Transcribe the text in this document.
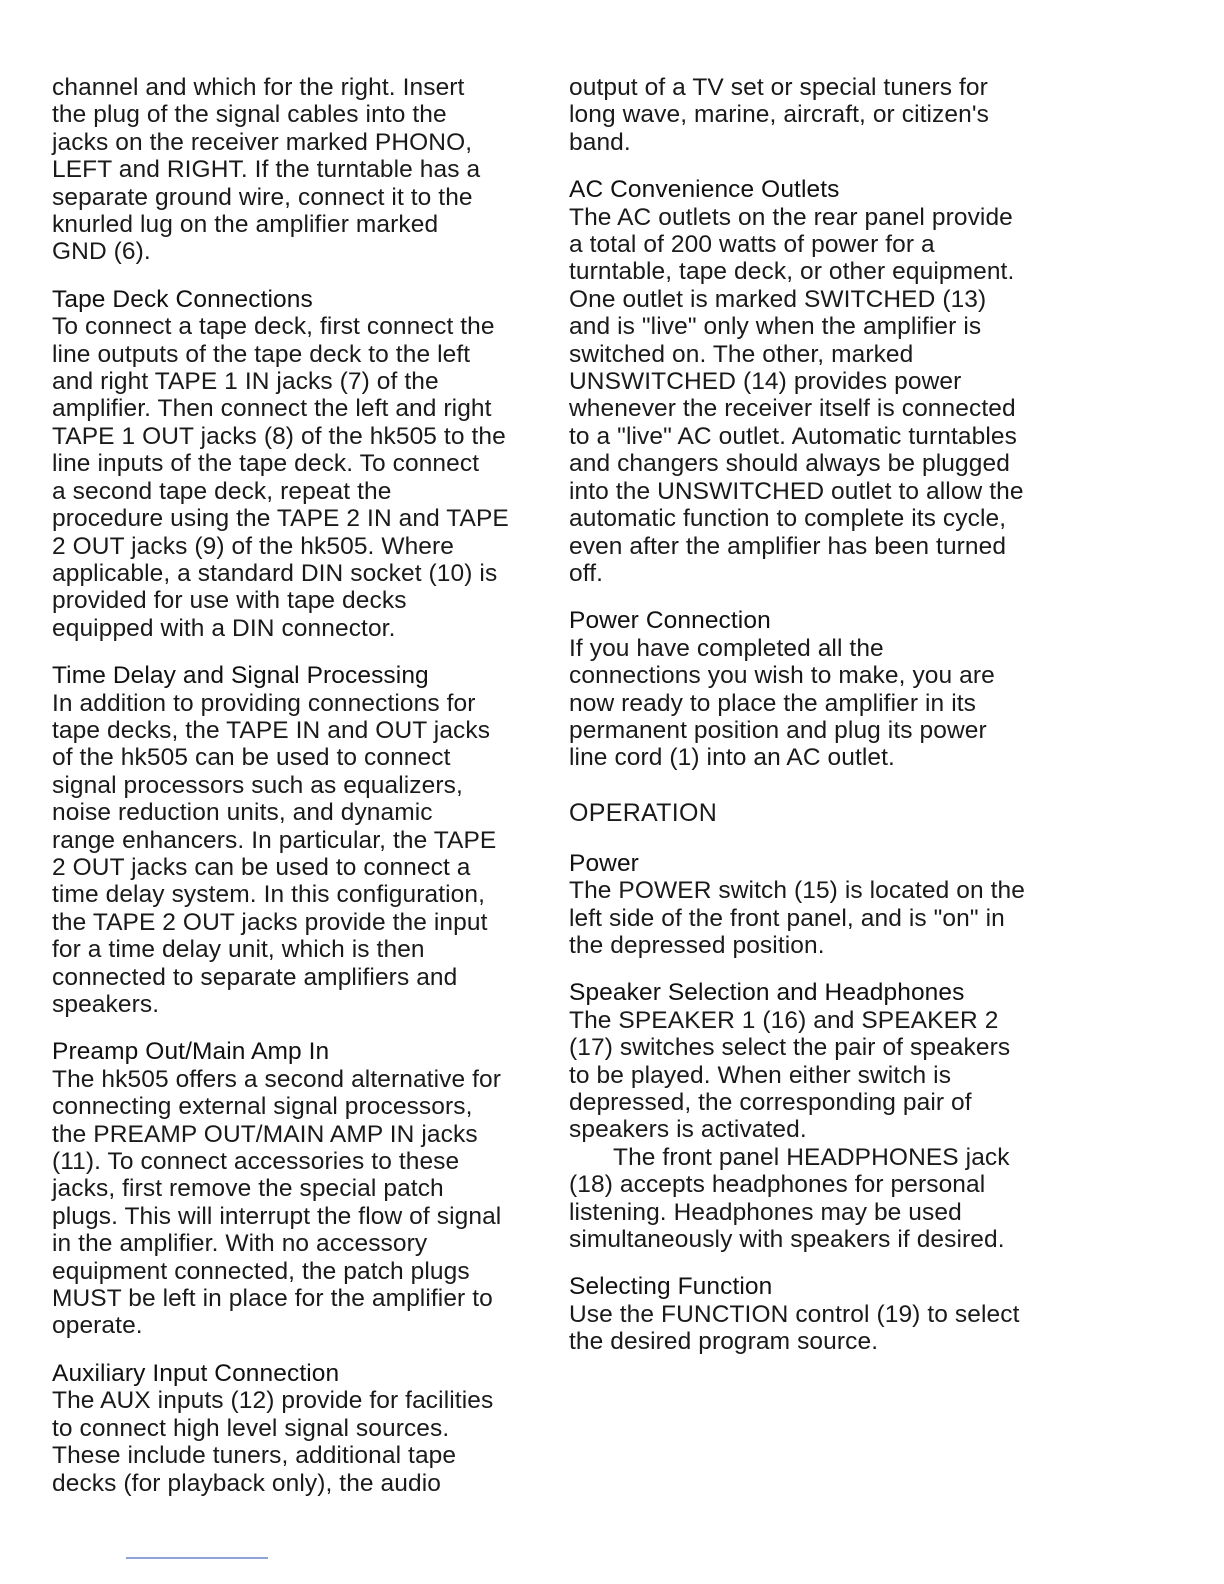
channel and which for the right. Insert
the plug of the signal cables into the
jacks on the receiver marked PHONO,
LEFT and RIGHT. If the turntable has a
separate ground wire, connect it to the
knurled lug on the amplifier marked
GND (6).
Tape Deck Connections
To connect a tape deck, first connect the
line outputs of the tape deck to the left
and right TAPE 1 IN jacks (7) of the
amplifier. Then connect the left and right
TAPE 1 OUT jacks (8) of the hk505 to the
line inputs of the tape deck. To connect
a second tape deck, repeat the
procedure using the TAPE 2 IN and TAPE
2 OUT jacks (9) of the hk505. Where
applicable, a standard DIN socket (10) is
provided for use with tape decks
equipped with a DIN connector.
Time Delay and Signal Processing
In addition to providing connections for
tape decks, the TAPE IN and OUT jacks
of the hk505 can be used to connect
signal processors such as equalizers,
noise reduction units, and dynamic
range enhancers. In particular, the TAPE
2 OUT jacks can be used to connect a
time delay system. In this configuration,
the TAPE 2 OUT jacks provide the input
for a time delay unit, which is then
connected to separate amplifiers and
speakers.
Preamp Out/Main Amp In
The hk505 offers a second alternative for
connecting external signal processors,
the PREAMP OUT/MAIN AMP IN jacks
(11). To connect accessories to these
jacks, first remove the special patch
plugs. This will interrupt the flow of signal
in the amplifier. With no accessory
equipment connected, the patch plugs
MUST be left in place for the amplifier to
operate.
Auxiliary Input Connection
The AUX inputs (12) provide for facilities
to connect high level signal sources.
These include tuners, additional tape
decks (for playback only), the audio
output of a TV set or special tuners for
long wave, marine, aircraft, or citizen's
band.
AC Convenience Outlets
The AC outlets on the rear panel provide
a total of 200 watts of power for a
turntable, tape deck, or other equipment.
One outlet is marked SWITCHED (13)
and is "live" only when the amplifier is
switched on. The other, marked
UNSWITCHED (14) provides power
whenever the receiver itself is connected
to a "live" AC outlet. Automatic turntables
and changers should always be plugged
into the UNSWITCHED outlet to allow the
automatic function to complete its cycle,
even after the amplifier has been turned
off.
Power Connection
If you have completed all the
connections you wish to make, you are
now ready to place the amplifier in its
permanent position and plug its power
line cord (1) into an AC outlet.
OPERATION
Power
The POWER switch (15) is located on the
left side of the front panel, and is "on" in
the depressed position.
Speaker Selection and Headphones
The SPEAKER 1 (16) and SPEAKER 2
(17) switches select the pair of speakers
to be played. When either switch is
depressed, the corresponding pair of
speakers is activated.
The front panel HEADPHONES jack
(18) accepts headphones for personal
listening. Headphones may be used
simultaneously with speakers if desired.
Selecting Function
Use the FUNCTION control (19) to select
the desired program source.
